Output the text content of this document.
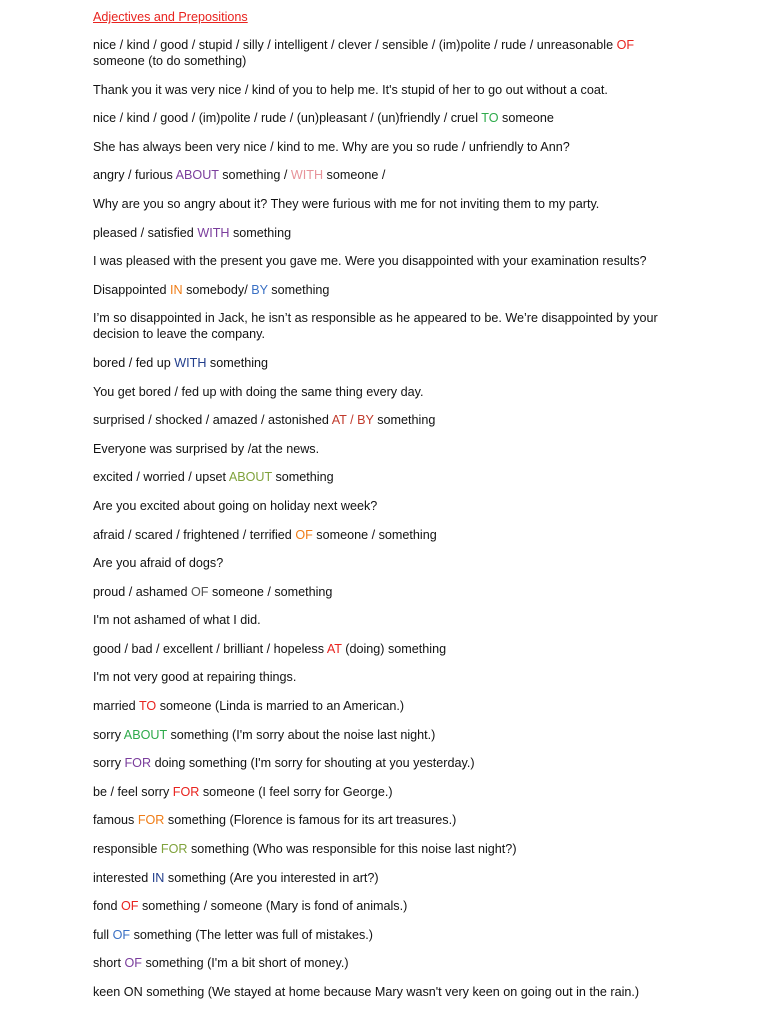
Adjectives and Prepositions
nice / kind / good / stupid / silly / intelligent / clever / sensible / (im)polite / rude / unreasonable OF someone (to do something)
Thank you it was very nice / kind of you to help me. It's stupid of her to go out without a coat.
nice / kind / good / (im)polite / rude / (un)pleasant / (un)friendly / cruel TO someone
She has always been very nice / kind to me. Why are you so rude / unfriendly to Ann?
angry / furious ABOUT something / WITH someone /
Why are you so angry about it? They were furious with me for not inviting them to my party.
pleased / satisfied WITH something
I was pleased with the present you gave me. Were you disappointed with your examination results?
Disappointed IN somebody/ BY something
I’m so disappointed in Jack, he isn’t as responsible as he appeared to be. We’re disappointed by your decision to leave the company.
bored / fed up WITH something
You get bored / fed up with doing the same thing every day.
surprised / shocked / amazed / astonished AT / BY something
Everyone was surprised by /at the news.
excited / worried / upset ABOUT something
Are you excited about going on holiday next week?
afraid / scared / frightened / terrified OF someone / something
Are you afraid of dogs?
proud / ashamed OF someone / something
I'm not ashamed of what I did.
good / bad / excellent / brilliant / hopeless AT (doing) something
I'm not very good at repairing things.
married TO someone (Linda is married to an American.)
sorry ABOUT something (I'm sorry about the noise last night.)
sorry FOR doing something (I'm sorry for shouting at you yesterday.)
be / feel sorry FOR someone (I feel sorry for George.)
famous FOR something (Florence is famous for its art treasures.)
responsible FOR something (Who was responsible for this noise last night?)
interested IN something (Are you interested in art?)
fond OF something / someone (Mary is fond of animals.)
full OF something (The letter was full of mistakes.)
short OF something (I'm a bit short of money.)
keen ON something (We stayed at home because Mary wasn't very keen on going out in the rain.)
